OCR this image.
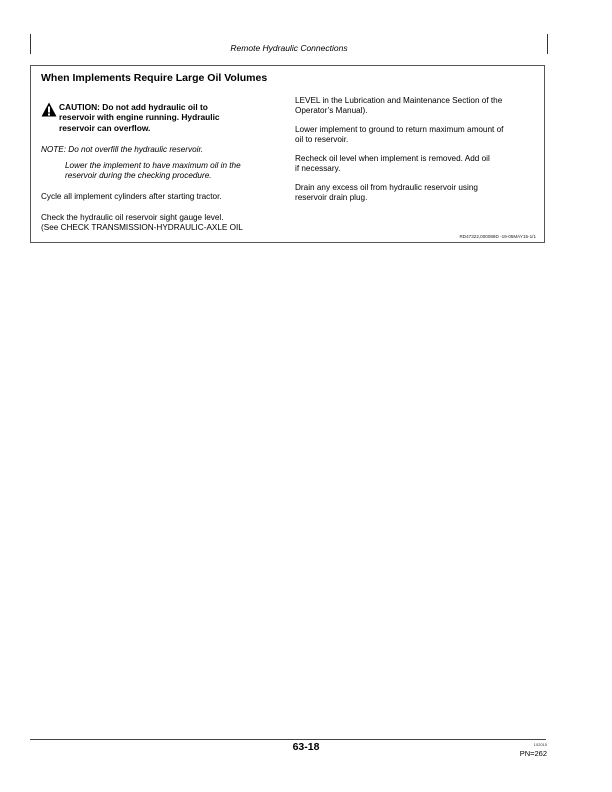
Remote Hydraulic Connections
When Implements Require Large Oil Volumes

CAUTION: Do not add hydraulic oil to
reservoir with engine running. Hydraulic
reservoir can overflow.

NOTE: Do not overfill the hydraulic reservoir.

Lower the implement to have maximum oil in the
reservoir during the checking procedure.

Cycle all implement cylinders after starting tractor.

Check the hydraulic oil reservoir sight gauge level.
(See CHECK TRANSMISSION-HYDRAULIC-AXLE OIL

LEVEL in the Lubrication and Maintenance Section of the
Operator’s Manual).

Lower implement to ground to return maximum amount of
oil to reservoir.

Recheck oil level when implement is removed. Add oil
if necessary.

Drain any excess oil from hydraulic reservoir using
reservoir drain plug.

RD47322,000089D -19-05MAY15-1/1
63-18	102015
PN=262
